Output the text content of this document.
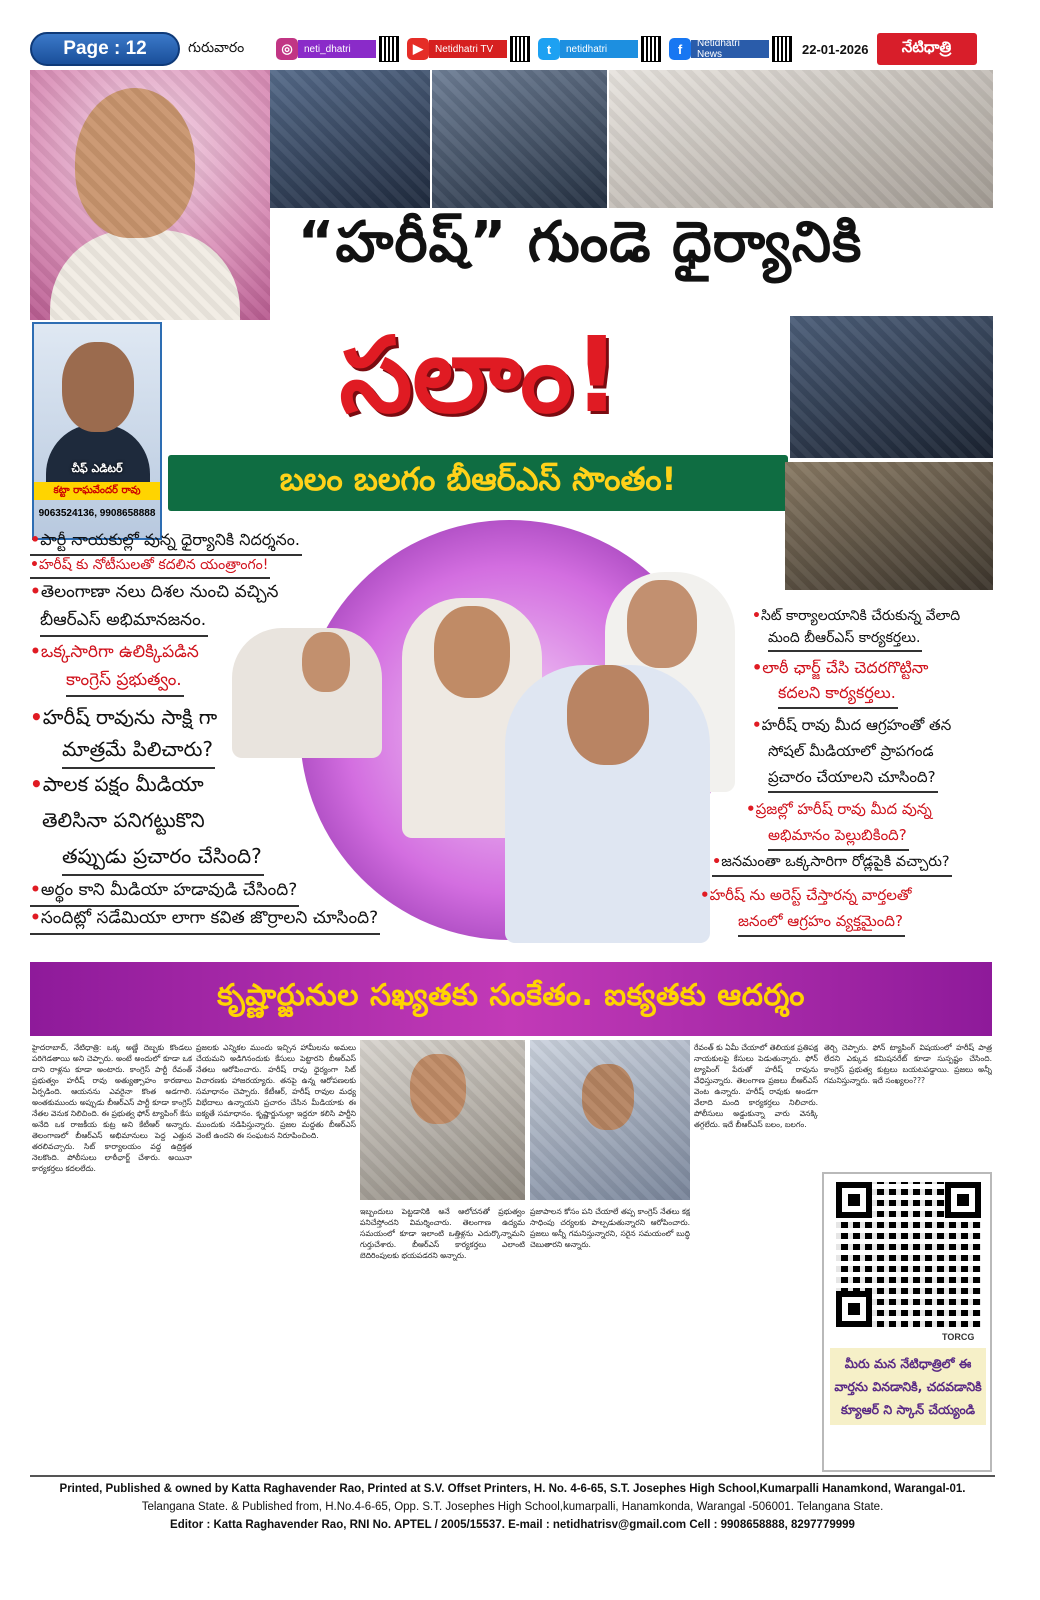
Page : 12	గురువారం	◎	neti_dhatri	▶	Netidhatri TV	t	netidhatri	f	Netidhatri News	22-01-2026	నేటిధాత్రి
చీఫ్ ఎడిటర్
కట్టా రాఘవేందర్ రావు
9063524136, 9908658888
“హరీష్” గుండె ధైర్యానికి
సలాం!
బలం బలగం బీఆర్ఎస్ సొంతం!
•పార్టీ నాయకుల్లో వున్న ధైర్యానికి నిదర్శనం.
•హరీష్ కు నోటీసులతో కదలిన యంత్రాంగం!
•తెలంగాణా నలు దిశల నుంచి వచ్చిన
బీఆర్ఎస్ అభిమానజనం.
•ఒక్కసారిగా ఉలిక్కిపడిన
కాంగ్రెస్ ప్రభుత్వం.
•హరీష్ రావును సాక్షి గా
మాత్రమే పిలిచారు?
•పాలక పక్షం మీడియా
తెలిసినా పనిగట్టుకొని
తప్పుడు ప్రచారం చేసింది?
•అర్థం కాని మీడియా హడావుడి చేసింది?
•సందిట్లో సడేమియా లాగా కవిత జొర్రాలని చూసింది?
•సిట్ కార్యాలయానికి చేరుకున్న వేలాది
మంది బీఆర్ఎస్ కార్యకర్తలు.
•లాఠీ ఛార్జ్ చేసి చెదరగొట్టినా
కదలని కార్యకర్తలు.
•హరీష్ రావు మీద ఆగ్రహంతో తన
సోషల్ మీడియాలో ప్రాపగండ
ప్రచారం చేయాలని చూసింది?
•ప్రజల్లో హరీష్ రావు మీద వున్న
అభిమానం పెల్లుబికింది?
•జనమంతా ఒక్కసారిగా రోడ్లపైకి వచ్చారు?
•హరీష్ ను అరెస్ట్ చేస్తారన్న వార్తలతో
జనంలో ఆగ్రహం వ్యక్తమైంది?
కృష్ణార్జునుల సఖ్యతకు సంకేతం. ఐక్యతకు ఆదర్శం

హైదరాబాద్, నేటిధాత్రి: ఒక్క అణ్ణే దెబ్బకు కొండలు పరిగెడతాయి అని చెప్పారు. అంటే అందులో కూడా ఒక దాని రాళ్లను కూడా అంటారు. కాంగ్రెస్ పార్టీ రేవంత్ ప్రభుత్వం హరీష్ రావు అత్యుత్సాహం కారణాలు ఏర్పడింది. ఆయనను ఎవరైనా కొంత అడగాలి. అంతకుముందు అప్పుడు బీఆర్ఎస్ పార్టీ కూడా కాంగ్రెస్ నేతల వెనుక నిలిచింది. ఈ ప్రభుత్వ ఫోన్ ట్యాపింగ్ కేసు అనేది ఒక రాజకీయ కుట్ర అని కేటీఆర్ అన్నారు. తెలంగాణలో బీఆర్ఎస్ అభిమానులు పెద్ద ఎత్తున తరలివచ్చారు. సిట్ కార్యాలయం వద్ద ఉద్రిక్తత నెలకొంది. పోలీసులు లాఠీఛార్జ్ చేశారు. అయినా కార్యకర్తలు కదలలేదు.

ప్రజలకు ఎన్నికల ముందు ఇచ్చిన హామీలను అమలు చేయమని అడిగినందుకు కేసులు పెట్టారని బీఆర్ఎస్ నేతలు ఆరోపించారు. హరీష్ రావు ధైర్యంగా సిట్ విచారణకు హాజరయ్యారు. తనపై ఉన్న ఆరోపణలకు సమాధానం చెప్పారు. కేటీఆర్, హరీష్ రావుల మధ్య విభేదాలు ఉన్నాయని ప్రచారం చేసిన మీడియాకు ఈ ఐక్యతే సమాధానం. కృష్ణార్జునుల్లా ఇద్దరూ కలిసి పార్టీని ముందుకు నడిపిస్తున్నారు. ప్రజల మద్దతు బీఆర్ఎస్ వెంటే ఉందని ఈ సంఘటన నిరూపించింది.

ఇబ్బందులు పెట్టడానికి అనే ఆలోచనతో ప్రభుత్వం పనిచేస్తోందని విమర్శించారు. తెలంగాణ ఉద్యమ సమయంలో కూడా ఇలాంటి ఒత్తిళ్లను ఎదుర్కొన్నామని గుర్తుచేశారు. బీఆర్ఎస్ కార్యకర్తలు ఎలాంటి బెదిరింపులకు భయపడరని అన్నారు.

ప్రజాపాలన కోసం పని చేయాలే తప్ప కాంగ్రెస్ నేతలు కక్ష సాధింపు చర్యలకు పాల్పడుతున్నారని ఆరోపించారు. ప్రజలు అన్నీ గమనిస్తున్నారని, సరైన సమయంలో బుద్ధి చెబుతారని అన్నారు.

రేవంత్ కు ఏమీ చేయాలో తెలియక ప్రతిపక్ష నాయకులపై కేసులు పెడుతున్నారు. ఫోన్ ట్యాపింగ్ పేరుతో హరీష్ రావును వేధిస్తున్నారు. తెలంగాణ ప్రజలు బీఆర్ఎస్ వెంట ఉన్నారు. హరీష్ రావుకు అండగా వేలాది మంది కార్యకర్తలు నిలిచారు. పోలీసులు అడ్డుకున్నా వారు వెనక్కి తగ్గలేదు. ఇదే బీఆర్ఎస్ బలం, బలగం.

తెర్చి చెప్పారు. ఫోన్ ట్యాపింగ్ విషయంలో హరీష్ పాత్ర లేదని ఎక్కువ కమిషనరేట్ కూడా సుస్పష్టం చేసింది. కాంగ్రెస్ ప్రభుత్వ కుట్రలు బయటపడ్డాయి. ప్రజలు అన్నీ గమనిస్తున్నారు. ఇదే సంఖ్యలం???

TORCG
మీరు మన నేటిధాత్రిలో ఈ వార్తను వినడానికి, చదవడానికి క్యూఆర్ ని స్కాన్ చేయ్యండి
Printed, Published & owned by Katta Raghavender Rao, Printed at S.V. Offset Printers, H. No. 4-6-65, S.T. Josephes High School,Kumarpalli Hanamkond, Warangal-01.
Telangana State. & Published from, H.No.4-6-65, Opp. S.T. Josephes High School,kumarpalli, Hanamkonda, Warangal -506001. Telangana State.
Editor : Katta Raghavender Rao, RNI No. APTEL / 2005/15537. E-mail : netidhatrisv@gmail.com Cell : 9908658888, 8297779999
